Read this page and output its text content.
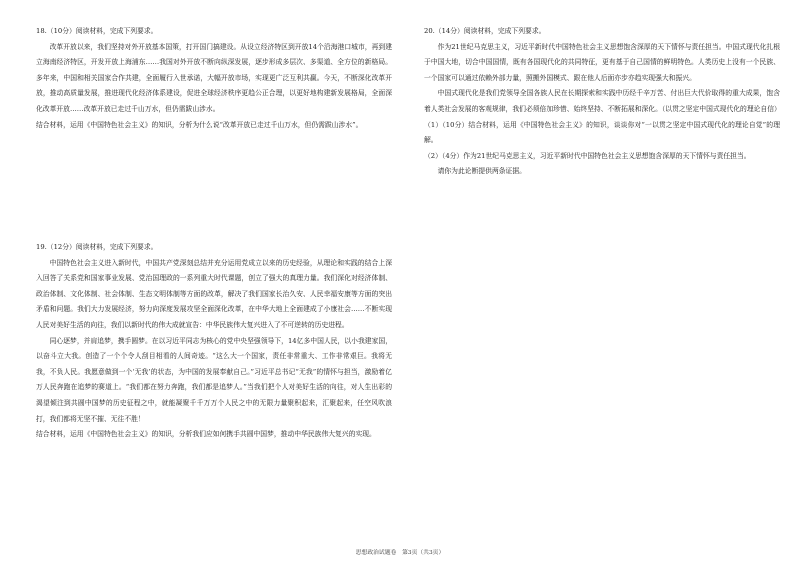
18.（10分）阅读材料，完成下列要求。

改革开放以来，我们坚持对外开放基本国策，打开国门搞建设。从设立经济特区到开放14个沿海港口城市，再到建立海南经济特区，开发开放上海浦东……我国对外开放不断向纵深发展，逐步形成多层次、多渠道、全方位的新格局。多年来，中国和相关国家合作共建，全面履行入世承诺，大幅开放市场，实现更广泛互利共赢。今天，不断深化改革开放，推动高质量发展，推进现代化经济体系建设，促进全球经济秩序更趋公正合理，以更好地构建新发展格局，全面深化改革开放……改革开放已走过千山万水，但仍需跋山涉水。

结合材料，运用《中国特色社会主义》的知识，分析为什么说“改革开放已走过千山万水，但仍需跋山涉水”。

19.（12分）阅读材料，完成下列要求。

中国特色社会主义进入新时代，中国共产党深刻总结并充分运用党成立以来的历史经验，从理论和实践的结合上深入回答了关系党和国家事业发展、党治国理政的一系列重大时代课题，创立了强大的真理力量。我们深化对经济体制、政治体制、文化体制、社会体制、生态文明体制等方面的改革，解决了我们国家长治久安、人民幸福安康等方面的突出矛盾和问题。我们大力发展经济，努力向深度发展攻坚全面深化改革，在中华大地上全面建成了小康社会……不断实现人民对美好生活的向往，我们以新时代的伟大成就宣告：中华民族伟大复兴进入了不可逆转的历史进程。

同心逐梦，并肩追梦，携手圆梦。在以习近平同志为核心的党中央坚强领导下，14亿多中国人民，以小我建家国，以奋斗立大我。创造了一个个令人刮目相看的人间奇迹。“这么大一个国家，责任非常重大、工作非常艰巨。我将无我，不负人民。我愿意做到一个‘无我’的状态，为中国的发展奉献自己。”习近平总书记“无我”的情怀与担当，激励着亿万人民奔跑在追梦的赛道上。“我们都在努力奔跑，我们都是追梦人。”当我们把个人对美好生活的向往，对人生出彩的渴望倾注到共圆中国梦的历史征程之中，就能凝聚千千万万个人民之中的无限力量聚积起来，汇聚起来，任空风吹浪打，我们都将无坚不摧、无往不胜！

结合材料，运用《中国特色社会主义》的知识，分析我们应如何携手共圆中国梦，推动中华民族伟大复兴的实现。

20.（14分）阅读材料，完成下列要求。

作为21世纪马克思主义，习近平新时代中国特色社会主义思想饱含深厚的天下情怀与责任担当。中国式现代化扎根于中国大地，切合中国国情，既有各国现代化的共同特征，更有基于自己国情的鲜明特色。人类历史上没有一个民族、一个国家可以通过依赖外部力量，照搬外国模式、跟在他人后面亦步亦趋实现强大和振兴。

中国式现代化是我们党领导全国各族人民在长期探索和实践中历经千辛万苦、付出巨大代价取得的重大成果，饱含着人类社会发展的客观规律，我们必须倍加珍惜、始终坚持、不断拓展和深化。（以贯之坚定中国式现代化的理论自信）

（1）（10分）结合材料，运用《中国特色社会主义》的知识，谈谈你对“一以贯之坚定中国式现代化的理论自觉”的理解。

（2）（4分）作为21世纪马克思主义，习近平新时代中国特色社会主义思想饱含深厚的天下情怀与责任担当。

请你为此论断提供两条证据。

思想政治试题卷　第3页（共3页）
